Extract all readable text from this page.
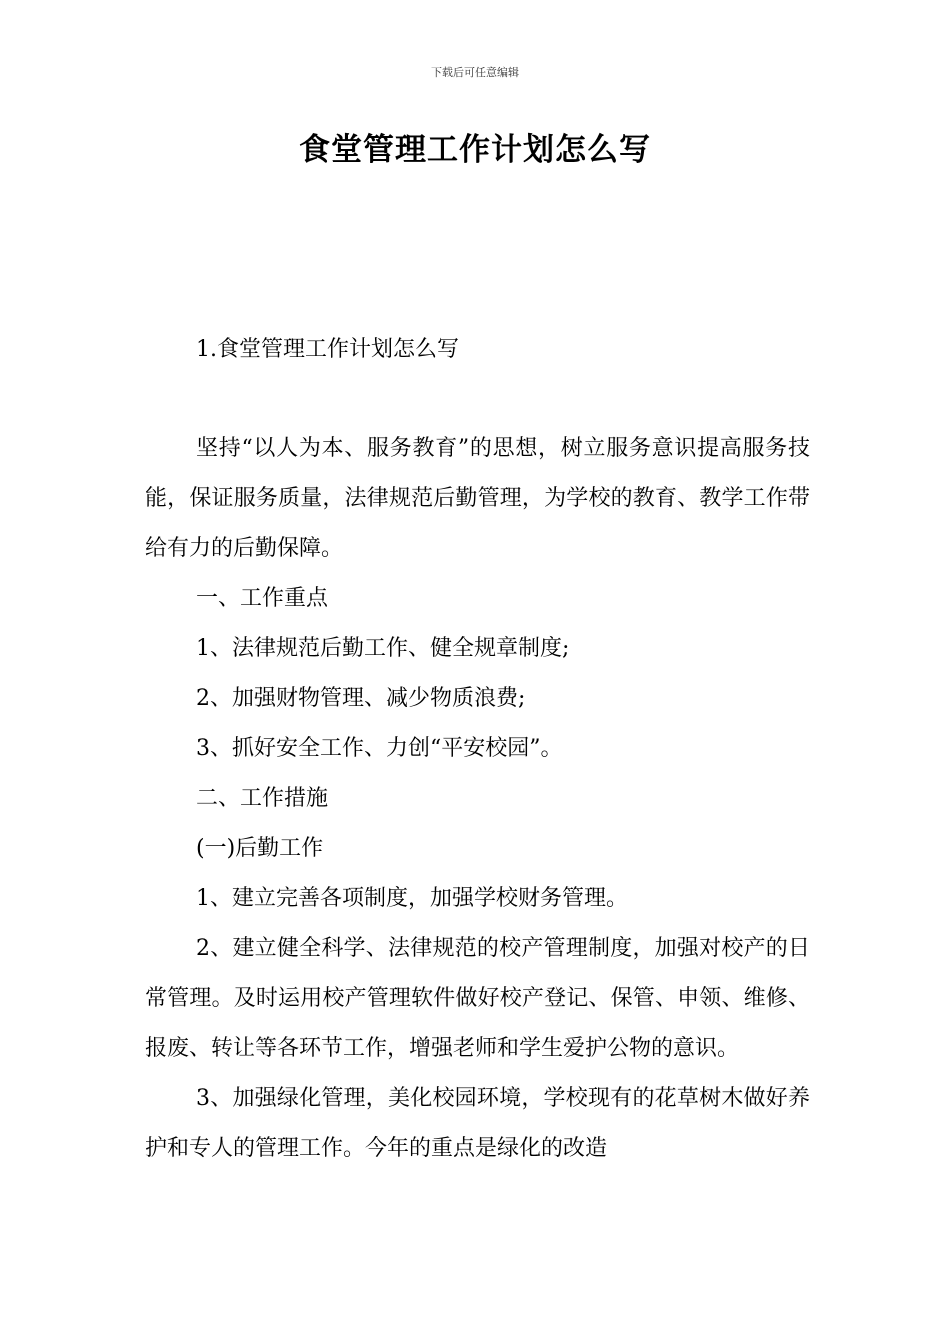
下载后可任意编辑
食堂管理工作计划怎么写
1.食堂管理工作计划怎么写

坚持“以人为本、服务教育”的思想，树立服务意识提高服务技能，保证服务质量，法律规范后勤管理，为学校的教育、教学工作带给有力的后勤保障。

一、工作重点

1、法律规范后勤工作、健全规章制度;

2、加强财物管理、减少物质浪费;

3、抓好安全工作、力创“平安校园”。

二、工作措施

(一)后勤工作

1、建立完善各项制度，加强学校财务管理。

2、建立健全科学、法律规范的校产管理制度，加强对校产的日常管理。及时运用校产管理软件做好校产登记、保管、申领、维修、报废、转让等各环节工作，增强老师和学生爱护公物的意识。

3、加强绿化管理，美化校园环境，学校现有的花草树木做好养护和专人的管理工作。今年的重点是绿化的改造
